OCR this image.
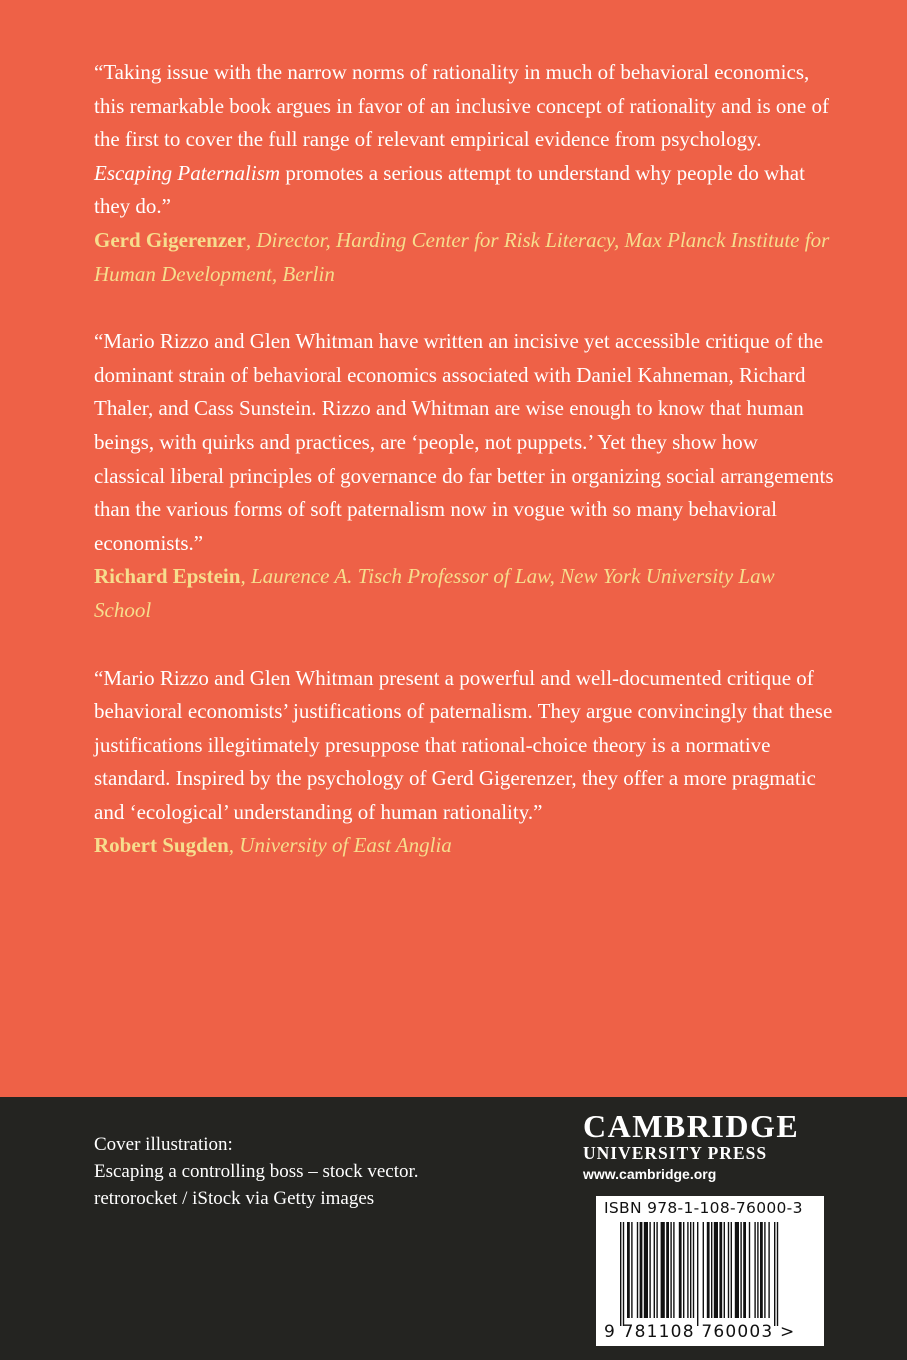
“Taking issue with the narrow norms of rationality in much of behavioral economics, this remarkable book argues in favor of an inclusive concept of rationality and is one of the first to cover the full range of relevant empirical evidence from psychology. Escaping Paternalism promotes a serious attempt to understand why people do what they do.”

Gerd Gigerenzer, Director, Harding Center for Risk Literacy, Max Planck Institute for Human Development, Berlin

“Mario Rizzo and Glen Whitman have written an incisive yet accessible critique of the dominant strain of behavioral economics associated with Daniel Kahneman, Richard Thaler, and Cass Sunstein. Rizzo and Whitman are wise enough to know that human beings, with quirks and practices, are ‘people, not puppets.’ Yet they show how classical liberal principles of governance do far better in organizing social arrangements than the various forms of soft paternalism now in vogue with so many behavioral economists.”

Richard Epstein, Laurence A. Tisch Professor of Law, New York University Law School

“Mario Rizzo and Glen Whitman present a powerful and well-documented critique of behavioral economists’ justifications of paternalism. They argue convincingly that these justifications illegitimately presuppose that rational-choice theory is a normative standard. Inspired by the psychology of Gerd Gigerenzer, they offer a more pragmatic and ‘ecological’ understanding of human rationality.”

Robert Sugden, University of East Anglia

Cover illustration:
Escaping a controlling boss – stock vector.
retrorocket / iStock via Getty images
CAMBRIDGE
UNIVERSITY PRESS
www.cambridge.org
ISBN 978-1-108-76000-3
9 781108 760003 >
